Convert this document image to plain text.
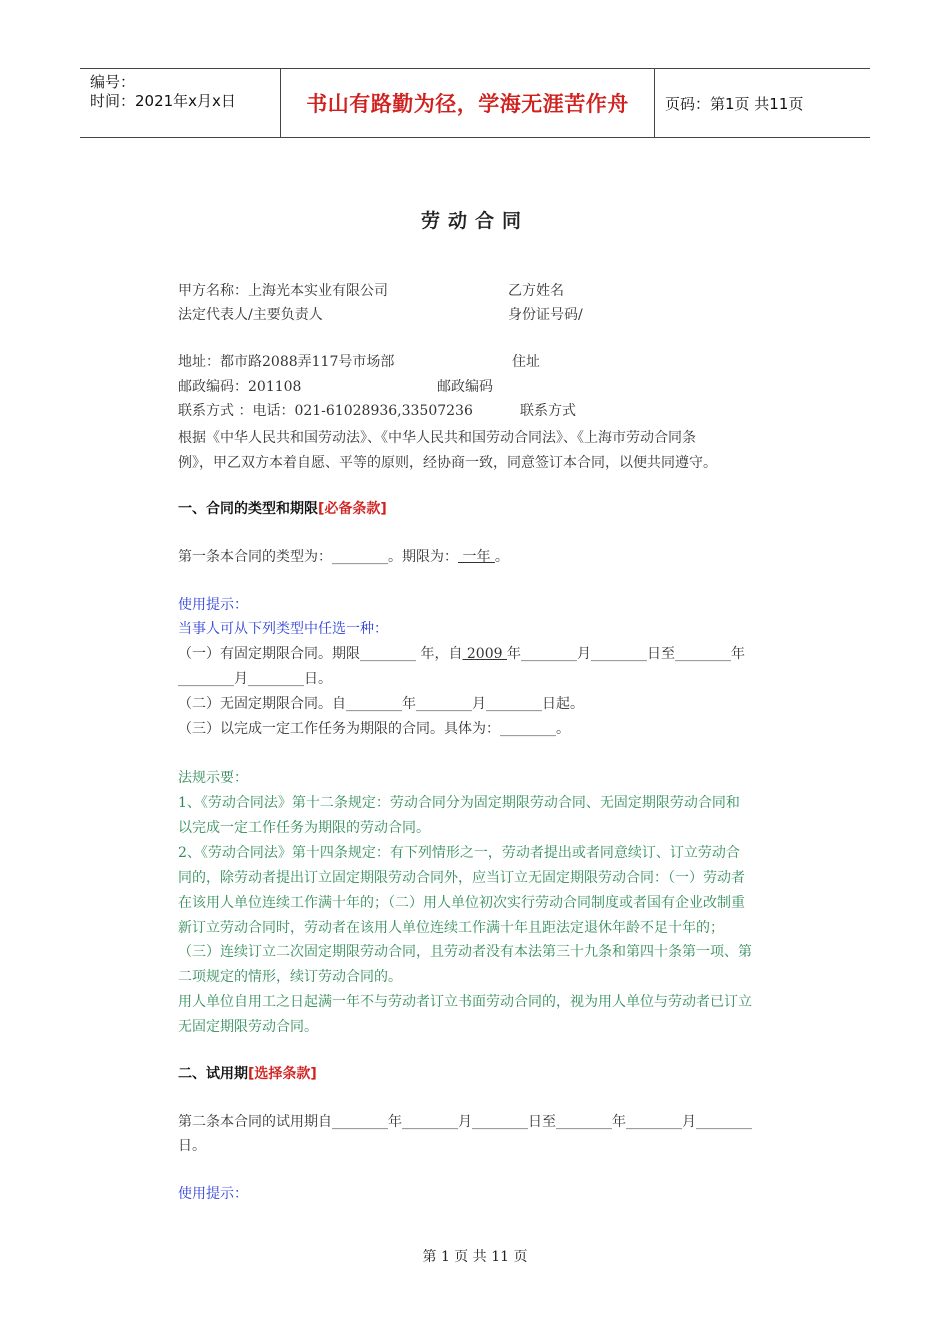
编号：
时间：2021年x月x日	书山有路勤为径，学海无涯苦作舟	页码：第1页 共11页
劳动合同
甲方名称：上海光本实业有限公司	乙方姓名
法定代表人/主要负责人	身份证号码/
地址：都市路2088弄117号市场部	住址
邮政编码：201108	邮政编码
联系方式 ：电话：021-61028936,33507236	联系方式
根据《中华人民共和国劳动法》、《中华人民共和国劳动合同法》、《上海市劳动合同条
例》，甲乙双方本着自愿、平等的原则，经协商一致，同意签订本合同，以便共同遵守。
一、合同的类型和期限[必备条款]
第一条本合同的类型为：________。期限为： 一年 。
使用提示：
当事人可从下列类型中任选一种：
（一）有固定期限合同。期限________ 年，自 2009 年________月________日至________年
________月________日。
（二）无固定期限合同。自________年________月________日起。
（三）以完成一定工作任务为期限的合同。具体为：________。
法规示要：
1、《劳动合同法》第十二条规定：劳动合同分为固定期限劳动合同、无固定期限劳动合同和
以完成一定工作任务为期限的劳动合同。
2、《劳动合同法》第十四条规定：有下列情形之一，劳动者提出或者同意续订、订立劳动合
同的，除劳动者提出订立固定期限劳动合同外，应当订立无固定期限劳动合同：（一）劳动者
在该用人单位连续工作满十年的；（二）用人单位初次实行劳动合同制度或者国有企业改制重
新订立劳动合同时，劳动者在该用人单位连续工作满十年且距法定退休年龄不足十年的；
（三）连续订立二次固定期限劳动合同，且劳动者没有本法第三十九条和第四十条第一项、第
二项规定的情形，续订劳动合同的。
用人单位自用工之日起满一年不与劳动者订立书面劳动合同的，视为用人单位与劳动者已订立
无固定期限劳动合同。
二、试用期[选择条款]
第二条本合同的试用期自________年________月________日至________年________月________
日。
使用提示：
第 1 页 共 11 页
